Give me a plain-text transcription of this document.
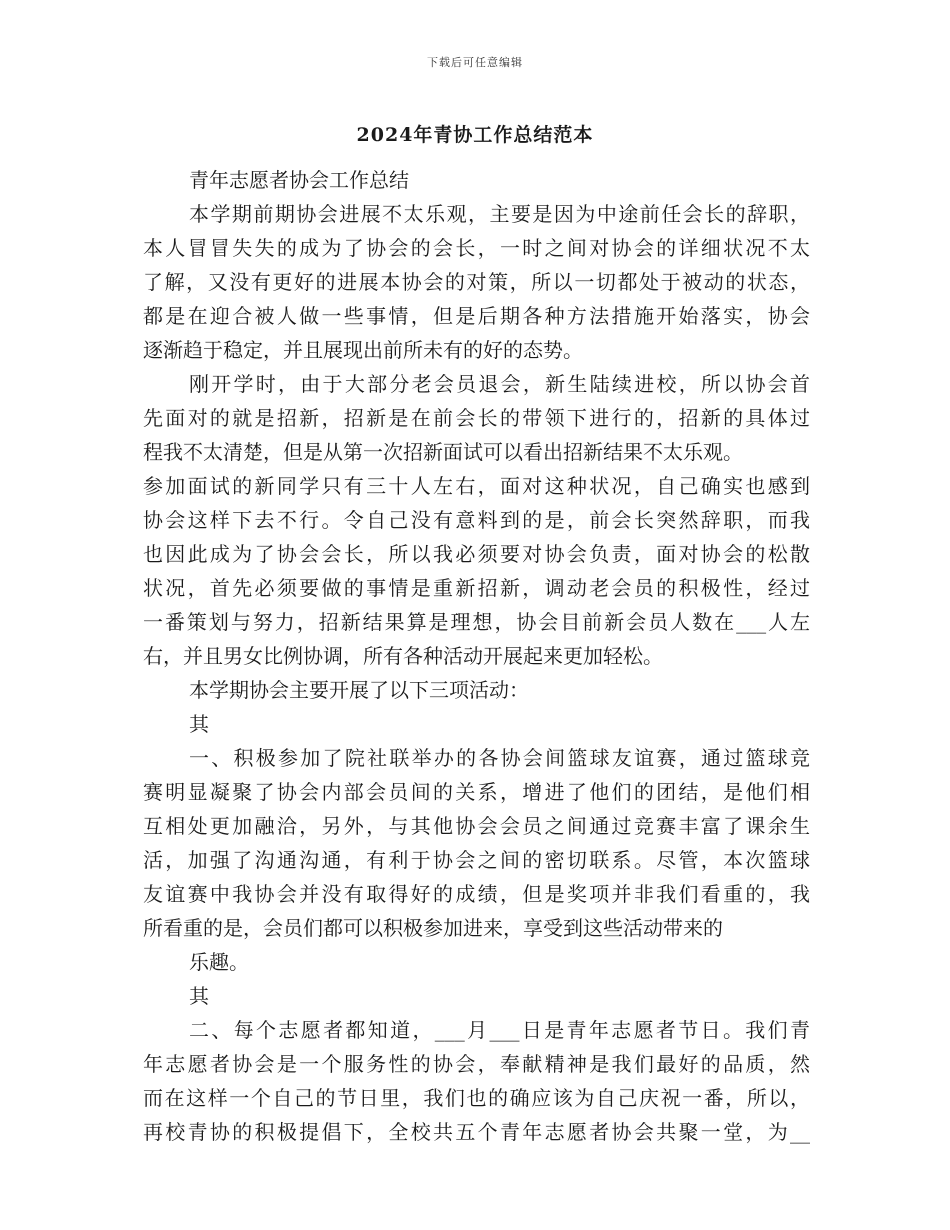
下载后可任意编辑
2024年青协工作总结范本
青年志愿者协会工作总结
本学期前期协会进展不太乐观，主要是因为中途前任会长的辞职，
本人冒冒失失的成为了协会的会长，一时之间对协会的详细状况不太
了解，又没有更好的进展本协会的对策，所以一切都处于被动的状态，
都是在迎合被人做一些事情，但是后期各种方法措施开始落实，协会
逐渐趋于稳定，并且展现出前所未有的好的态势。
刚开学时，由于大部分老会员退会，新生陆续进校，所以协会首
先面对的就是招新，招新是在前会长的带领下进行的，招新的具体过
程我不太清楚，但是从第一次招新面试可以看出招新结果不太乐观。
参加面试的新同学只有三十人左右，面对这种状况，自己确实也感到
协会这样下去不行。令自己没有意料到的是，前会长突然辞职，而我
也因此成为了协会会长，所以我必须要对协会负责，面对协会的松散
状况，首先必须要做的事情是重新招新，调动老会员的积极性，经过
一番策划与努力，招新结果算是理想，协会目前新会员人数在___人左
右，并且男女比例协调，所有各种活动开展起来更加轻松。
本学期协会主要开展了以下三项活动：
其
一、积极参加了院社联举办的各协会间篮球友谊赛，通过篮球竞
赛明显凝聚了协会内部会员间的关系，增进了他们的团结，是他们相
互相处更加融洽，另外，与其他协会会员之间通过竞赛丰富了课余生
活，加强了沟通沟通，有利于协会之间的密切联系。尽管，本次篮球
友谊赛中我协会并没有取得好的成绩，但是奖项并非我们看重的，我
所看重的是，会员们都可以积极参加进来，享受到这些活动带来的
乐趣。
其
二、每个志愿者都知道，___月___日是青年志愿者节日。我们青
年志愿者协会是一个服务性的协会，奉献精神是我们最好的品质，然
而在这样一个自己的节日里，我们也的确应该为自己庆祝一番，所以，
再校青协的积极提倡下，全校共五个青年志愿者协会共聚一堂，为__
